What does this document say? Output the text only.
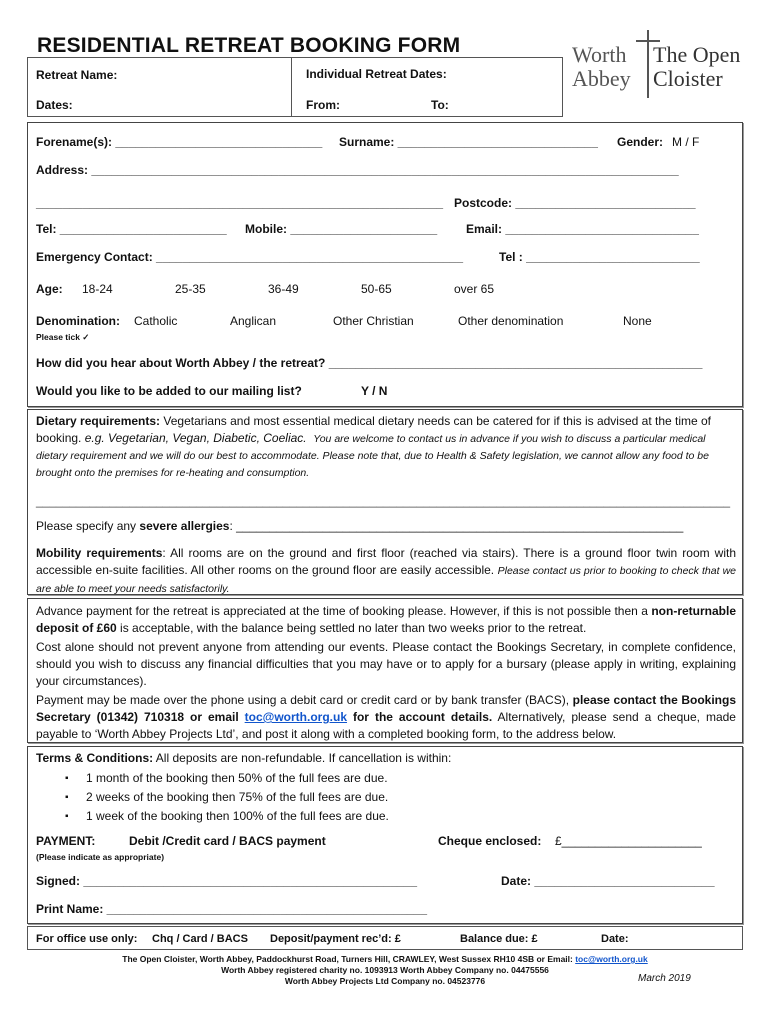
RESIDENTIAL RETREAT BOOKING FORM	Worth
Abbey
The Open
Cloister
Retreat Name:
Dates:
Individual Retreat Dates:
From:	To:
Forename(s): _______________________________ Surname: ______________________________ Gender: M / F
Address: ________________________________________________________________________________________
_____________________________________________________________ Postcode: ___________________________
Tel: _________________________ Mobile: ______________________ Email: _____________________________
Emergency Contact: ______________________________________________	Tel : __________________________
Age: 18-24	25-35	36-49	50-65	over 65
Denomination: Catholic	Anglican	Other Christian	Other denomination	None
Please tick ✓
How did you hear about Worth Abbey / the retreat? ________________________________________________________
Would you like to be added to our mailing list?	Y / N
Dietary requirements: Vegetarians and most essential medical dietary needs can be catered for if this is advised at the time of booking. e.g. Vegetarian, Vegan, Diabetic, Coeliac. You are welcome to contact us in advance if you wish to discuss a particular medical dietary requirement and we will do our best to accommodate. Please note that, due to Health & Safety legislation, we cannot allow any food to be brought onto the premises for re-heating and consumption.
________________________________________________________________________________________________________
Please specify any severe allergies: ___________________________________________________________________
Mobility requirements: All rooms are on the ground and first floor (reached via stairs). There is a ground floor twin room with accessible en-suite facilities. All other rooms on the ground floor are easily accessible. Please contact us prior to booking to check that we are able to meet your needs satisfactorily.
Advance payment for the retreat is appreciated at the time of booking please. However, if this is not possible then a non-returnable deposit of £60 is acceptable, with the balance being settled no later than two weeks prior to the retreat.
Cost alone should not prevent anyone from attending our events. Please contact the Bookings Secretary, in complete confidence, should you wish to discuss any financial difficulties that you may have or to apply for a bursary (please apply in writing, explaining your circumstances).
Payment may be made over the phone using a debit card or credit card or by bank transfer (BACS), please contact the Bookings Secretary (01342) 710318 or email toc@worth.org.uk for the account details. Alternatively, please send a cheque, made payable to ‘Worth Abbey Projects Ltd’, and post it along with a completed booking form, to the address below.
Terms & Conditions: All deposits are non-refundable. If cancellation is within:
▪ 1 month of the booking then 50% of the full fees are due.
▪ 2 weeks of the booking then 75% of the full fees are due.
▪ 1 week of the booking then 100% of the full fees are due.
PAYMENT:	Debit /Credit card / BACS payment
(Please indicate as appropriate)
Cheque enclosed: £_____________________
Signed: __________________________________________________	Date: ___________________________
Print Name: ________________________________________________
For office use only: Chq / Card / BACS Deposit/payment rec’d: £	Balance due: £	Date:
The Open Cloister, Worth Abbey, Paddockhurst Road, Turners Hill, CRAWLEY, West Sussex RH10 4SB or Email: toc@worth.org.uk
Worth Abbey registered charity no. 1093913 Worth Abbey Company no. 04475556
Worth Abbey Projects Ltd Company no. 04523776	March 2019
